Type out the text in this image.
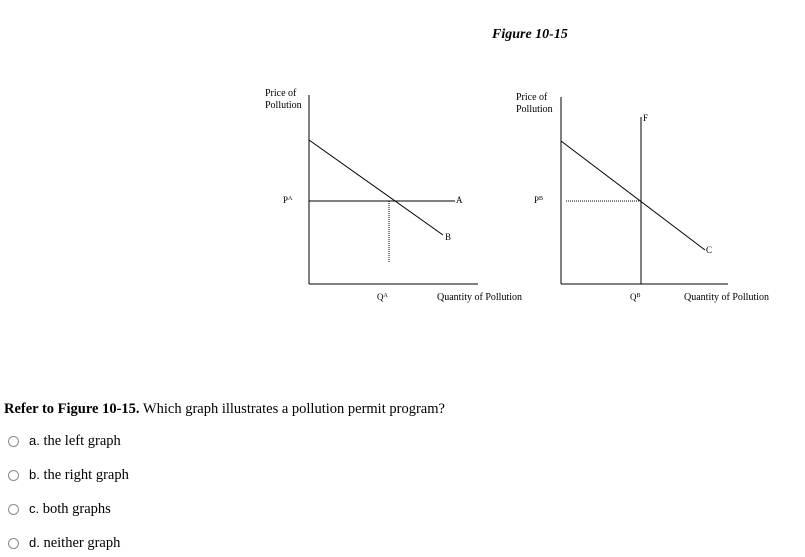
Figure 10-15
Price of
Pollution
$P^A$	A
B
$Q^A$	Quantity of Pollution
Price of
Pollution
F
$P^B$
C
$Q^B$	Quantity of Pollution
Refer to Figure 10-15. Which graph illustrates a pollution permit program?
a. the left graph
b. the right graph
c. both graphs
d. neither graph
